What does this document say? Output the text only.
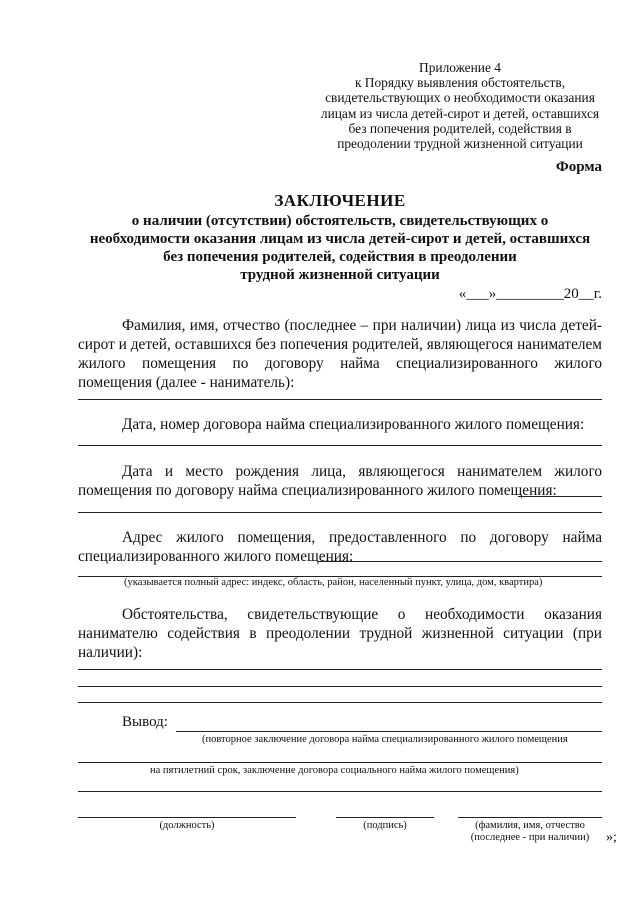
Приложение 4
к Порядку выявления обстоятельств,
свидетельствующих о необходимости оказания
лицам из числа детей-сирот и детей, оставшихся
без попечения родителей, содействия в
преодолении трудной жизненной ситуации
Форма
ЗАКЛЮЧЕНИЕ
о наличии (отсутствии) обстоятельств, свидетельствующих о
необходимости оказания лицам из числа детей-сирот и детей, оставшихся
без попечения родителей, содействия в преодолении
трудной жизненной ситуации
«___»_________20__г.
Фамилия, имя, отчество (последнее – при наличии) лица из числа детей-сирот и детей, оставшихся без попечения родителей, являющегося нанимателем жилого помещения по договору найма специализированного жилого помещения (далее - наниматель):
Дата, номер договора найма специализированного жилого помещения:
Дата и место рождения лица, являющегося нанимателем жилого помещения по договору найма специализированного жилого помещения:
Адрес жилого помещения, предоставленного по договору найма специализированного жилого помещения:
(указывается полный адрес: индекс, область, район, населенный пункт, улица, дом, квартира)
Обстоятельства, свидетельствующие о необходимости оказания нанимателю содействия в преодолении трудной жизненной ситуации (при наличии):
Вывод:
(повторное заключение договора найма специализированного жилого помещения
на пятилетний срок, заключение договора социального найма жилого помещения)
(должность)	(подпись)	(фамилия, имя, отчество
(последнее - при наличии)	»;
